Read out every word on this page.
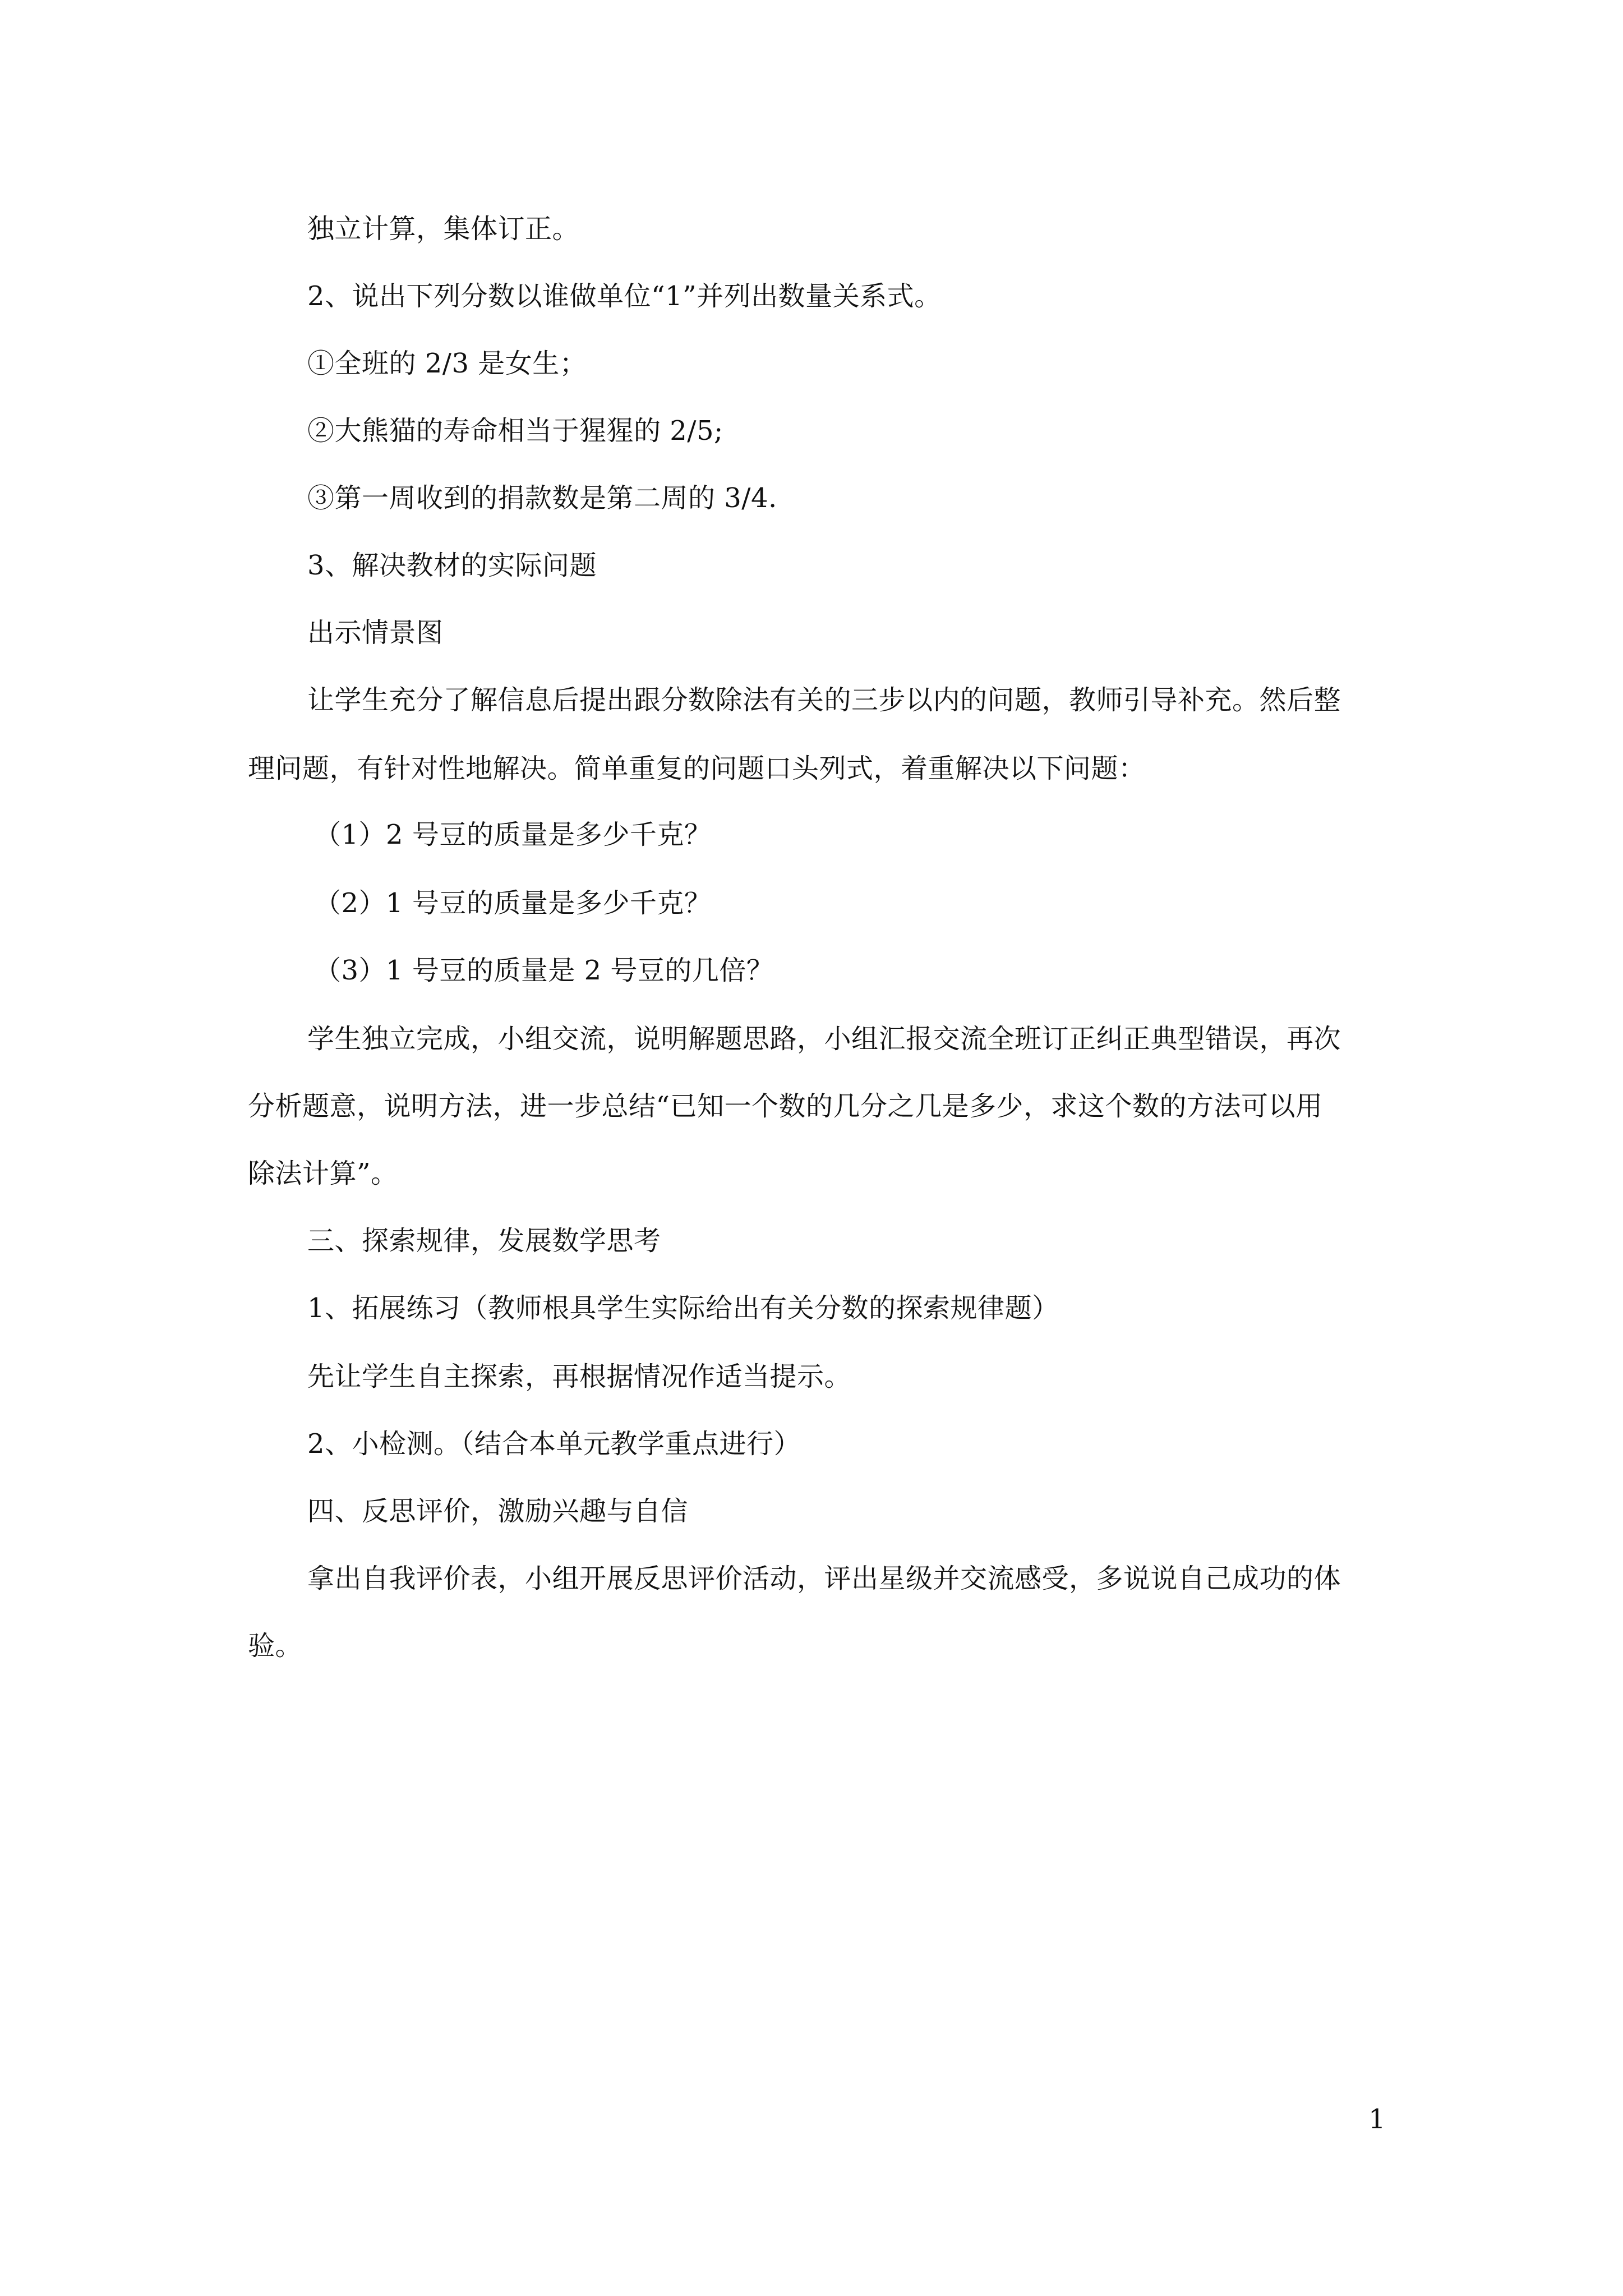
独立计算，集体订正。
2、说出下列分数以谁做单位“1”并列出数量关系式。
①全班的 2/3 是女生；
②大熊猫的寿命相当于猩猩的 2/5;
③第一周收到的捐款数是第二周的 3/4.
3、解决教材的实际问题
出示情景图
让学生充分了解信息后提出跟分数除法有关的三步以内的问题，教师引导补充。然后整
理问题，有针对性地解决。简单重复的问题口头列式，着重解决以下问题：
（1）2 号豆的质量是多少千克？
（2）1 号豆的质量是多少千克？
（3）1 号豆的质量是 2 号豆的几倍？
学生独立完成，小组交流，说明解题思路，小组汇报交流全班订正纠正典型错误，再次
分析题意，说明方法，进一步总结“已知一个数的几分之几是多少，求这个数的方法可以用
除法计算”。
三、探索规律，发展数学思考
1、拓展练习（教师根具学生实际给出有关分数的探索规律题）
先让学生自主探索，再根据情况作适当提示。
2、小检测。（结合本单元教学重点进行）
四、反思评价，激励兴趣与自信
拿出自我评价表，小组开展反思评价活动，评出星级并交流感受，多说说自己成功的体
验。
1
